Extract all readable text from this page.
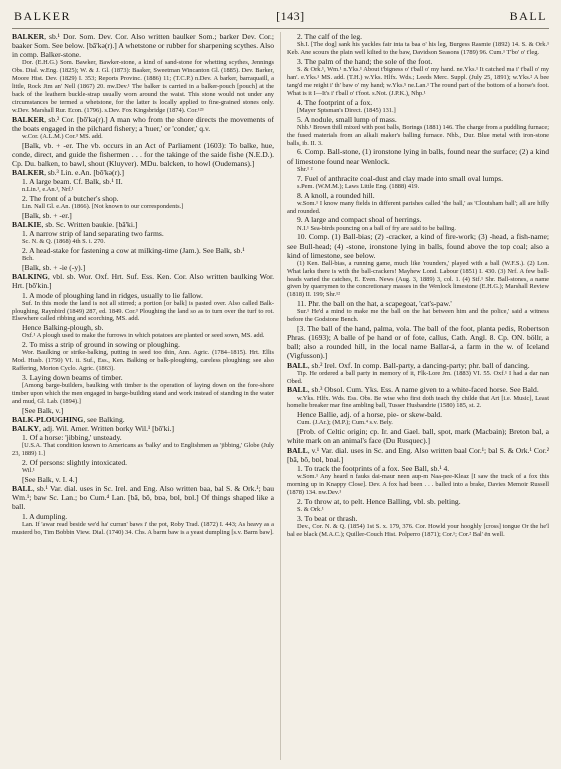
BALKER	[143]	BALL

BALKER, sb.¹ Dor. Som. Dev. Cor. Also written baulker Som.; barker Dev. Cor.; baaker Som. See below. [bā'kə(r).] A whetstone or rubber for sharpening scythes. Also in comp. Balker-stone.

Dor. (E.H.G.) Som. Bawker, Bawker-stone, a kind of sand-stone for whetting scythes, Jennings Obs. Dial. w.Eng. (1825); W. & J. Gl. (1873): Baaker, Sweetman Wincanton Gl. (1885). Dev. Barker, Moore Hist. Dev. (1829) I. 353; Reports Provinc. (1886) 11; (T.C.P.) n.Dev. A barker, barraquaill, a little, Rock Jim an' Nell (1867) 20. nw.Dev.¹ The balker is carried in a balker-pouch [pouch] at the back of the leathern buckle-strap usually worn around the waist. This stone would not under any circumstances be termed a whetstone, for the latter is locally applied to fine-grained stones only. w.Dev. Marshall Rur. Econ. (1796). s.Dev. Fox Kingsbridge (1874). Cor.¹²³

BALKER, sb.² Cor. [bō'kə(r).] A man who from the shore directs the movements of the boats engaged in the pilchard fishery; a 'huer,' or 'conder,' q.v.

w.Cor. (A.L.M.) Cor.³ MS. add.

[Balk, vb. + -er. The vb. occurs in an Act of Parliament (1603): To balke, hue, conde, direct, and guide the fishermen . . . for the takinge of the saide fishe (N.E.D.). Cp. Du. balken, to bawl, shout (Kluyver). MDu. balcken, to howl (Oudemans).]

BALKER, sb.³ Lin. e.An. [bō'kə(r).]

1. A large beam. Cf. Balk, sb.¹ II.

n.Lin.¹, e.An.¹, Nrf.¹

2. The front of a butcher's shop.

Lin. Nall Gl. e.An. (1866). [Not known to our correspondents.]

[Balk, sb. + -er.]

BALKIE, sb. Sc. Written baukie. [bā'ki.]

1. A narrow strip of land separating two farms.

Sc. N. & Q. (1868) 4th S. i. 270.

2. A head-stake for fastening a cow at milking-time (Jam.). See Balk, sb.¹

Bch.

[Balk, sb. + -ie (-y).]

BALKING, vbl. sb. Wor. Oxf. Hrt. Suf. Ess. Ken. Cor. Also written baulking Wor. Hrt. [bō'kin.]

1. A mode of ploughing land in ridges, usually to lie fallow.

Suf. In this mode the land is not all stirred; a portion [or balk] is pasted over. Also called Balk-ploughing, Raynbird (1849) 287, ed. 1849. Cor.³ Ploughing the land so as to turn over the turf to rot. Elsewhere called ribbing and scorching, MS. add.

Hence Balking-plough, sb.

Oxf.¹ A plough used to make the furrows in which potatoes are planted or seed sown, MS. add.

2. To miss a strip of ground in sowing or ploughing.

Wor. Baulking or strike-balking, putting in seed too thin, Ann. Agric. (1784–1815). Hrt. Ellis Mod. Husb. (1750) VI. ii. Suf., Ess., Ken. Balking or balk-ploughing, careless ploughing; see also Raffering, Morton Cyclo. Agric. (1863).

3. Laying down beams of timber.

[Among barge-builders, baulking with timber is the operation of laying down on the fore-shore timber upon which the men engaged in barge-building stand and work instead of standing in the water and mud, Gl. Lab. (1894).]

[See Balk, v.]

BALK-PLOUGHING, see Balking.

BALKY, adj. Wil. Amer. Written borky Wil.¹ [bō'ki.]

1. Of a horse: 'jibbing,' unsteady.

[U.S.A. That condition known to Americans as 'balky' and to Englishmen as 'jibbing,' Globe (July 23, 1889) 1.]

2. Of persons: slightly intoxicated.

Wil.¹

[See Balk, v. I. 4.]

BALL, sb.¹ Var. dial. uses in Sc. Irel. and Eng. Also written baa, bal S. & Ork.¹; bau Wm.¹; baw Sc. Lan.; bo Cum.⁴ Lan. [bā, bō, bɒə, bɒl, bɒl.] Of things shaped like a ball.

1. A dumpling.

Lan. If 'awar read beside we'd ha' curran' baws i' the pot, Roby Trad. (1872) I. 443; As heavy as a musterd bo, Tim Bobbin View. Dial. (1740) 34. Chs. A barm baw is a yeast dumpling [s.v. Barm baw].

2. The calf of the leg.

Sh.I. [The dog] sank his yackles fair inta ta baa o' his leg, Burgess Rasmie (1892) 14. S. & Ork.¹ Keb. Ane scours the plain well kilted to the baw, Davidson Seasons (1789) 96. Cum.¹ T'bo' o' t'leg.

3. The palm of the hand; the sole of the foot.

S. & Ork.¹, Wm.¹ n.Yks.¹ About t'bigness o' t'ball o' my hand. ne.Yks.¹ It catched ma i' t'ball o' my han'. e.Yks.¹ MS. add. (T.H.) w.Yks. Hlfx. Wds.; Leeds Merc. Suppl. (July 25, 1891); w.Yks.² A bee tang'd me reight i' th' baw o' my hand; w.Yks.⁵ ne.Lan.¹ The round part of the bottom of a horse's foot. What is it I—It's i' t'ball o' t'foot. s.Not. (J.P.K.), Nhp.¹

4. The footprint of a fox.

[Mayer Sptsman's Direct. (1845) 131.]

5. A nodule, small lump of mass.

Nhb.¹ Brown thill mixed with post balls, Borings (1881) 146. The charge from a puddling furnace; the fused materials from an alkali maker's balling furnace. Nhb., Dur. Blue metal with iron-stone balls, ib. II. 3.

6. Comp. Ball-stone, (1) ironstone lying in balls, found near the surface; (2) a kind of limestone found near Wenlock.

Shr.¹ ²

7. Fuel of anthracite coal-dust and clay made into small oval lumps.

s.Pem. (W.M.M.); Laws Little Eng. (1888) 419.

8. A knoll, a rounded hill.

w.Som.¹ I know many fields in different parishes called 'the ball,' as 'Cloutsham ball'; all are hilly and rounded.

9. A large and compact shoal of herrings.

N.I.¹ Sea-birds pouncing on a ball of fry are said to be balling.

10. Comp. (1) Ball-bias; (2) -cracker, a kind of fire-work; (3) -head, a fish-name; see Bull-head; (4) -stone, ironstone lying in balls, found above the top coal; also a kind of limestone, see below.

(1) Ken. Ball-bias, a running game, much like 'rounders,' played with a ball (W.F.S.). (2) Lon. What larks there is with the ball-crackers! Mayhew Lond. Labour (1851) I. 430. (3) Nrf. A few ball-heads varied the catches, E. Even. News (Aug. 3, 1889) 3, col. 1. (4) Stf.¹ Shr. Ball-stones, a name given by quarrymen to the concretionary masses in the Wenlock limestone (E.H.G.); Marshall Review (1818) II. 199; Shr.¹²

11. Phr. the ball on the hat, a scapegoat, 'cat's-paw.'

Sur.¹ He'd a mind to make me the ball on the hat between him and the police,' said a witness before the Godstone Bench.

[3. The ball of the hand, palma, vola. The ball of the foot, planta pedis, Robertson Phras. (1693); A balle of þe hand or of fote, callus, Cath. Angl. 8. Cp. ON. böllr, a ball; also a rounded hill, in the local name Ballar-á, a farm in the w. of Iceland (Vigfusson).]

BALL, sb.² Irel. Oxf. In comp. Ball-party, a dancing-party; phr. ball of dancing.

Tip. He ordered a ball party in memory of it, Flk-Lore Jrn. (1883) VI. 55. Oxf.¹ I had a dar nan Obed.

BALL, sb.³ Obsol. Cum. Yks. Ess. A name given to a white-faced horse. See Bald.

w.Yks. Hlfx. Wds. Ess. Obs. Be wise who first doth teach thy childe that Art [i.e. Music], Least homelie breaker mar fine ambling ball, Tusser Husbandrie (1580) 185, st. 2.

Hence Ballie, adj. of a horse, pie- or skew-bald.

Cum. (J.Ar.); (M.P.); Cum.⁴ s.v. Bely.

[Prob. of Celtic origin; cp. Ir. and Gael. ball, spot, mark (Macbain); Breton bal, a white mark on an animal's face (Du Rusquec).]

BALL, v.¹ Var. dial. uses in Sc. and Eng. Also written baal Cor.¹; bal S. & Ork.¹ Cor.² [bā, bō, bɒl, bɒal.]

1. To track the footprints of a fox. See Ball, sb.¹ 4.

w.Som.¹ Any heard n fauks dai-maur neen aup-m Naa-pee-Kleaz [I saw the track of a fox this morning up in Knappy Close]. Dev. A fox had been . . . balled into a brake, Davies Memoir Russell (1878) 134. nw.Dev.¹

2. To throw at, to pelt. Hence Balling, vbl. sb. pelting.

S. & Ork.¹

3. To beat or thrash.

Dev., Cor. N. & Q. (1854) 1st S. x. 179, 376. Cor. Howld your hooghly [cross] tongue Or the he'l bal ee black (M.A.C.); Quiller-Couch Hist. Polperro (1871); Cor.¹; Cor.² Bal' ën well.
